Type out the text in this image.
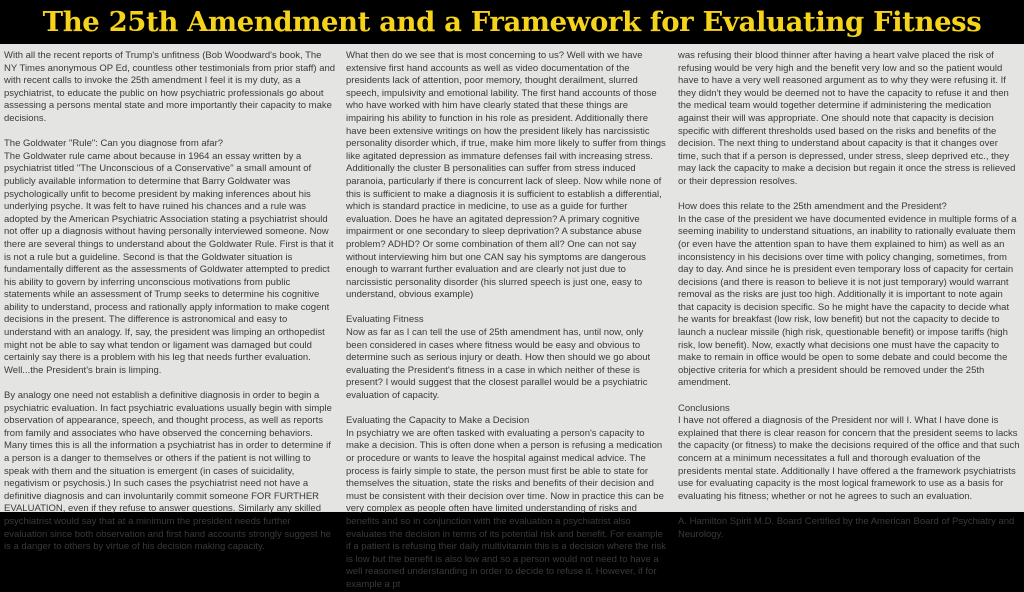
The 25th Amendment and a Framework for Evaluating Fitness

With all the recent reports of Trump's unfitness (Bob Woodward's book, The NY Times anonymous OP Ed, countless other testimonials from prior staff) and with recent calls to invoke the 25th amendment I feel it is my duty, as a psychiatrist, to educate the public on how psychiatric professionals go about assessing a persons mental state and more importantly their capacity to make decisions.

The Goldwater "Rule": Can you diagnose from afar?

The Goldwater rule came about because in 1964 an essay written by a psychiatrist titled "The Unconscious of a Conservative" a small amount of publicly available information to determine that Barry Goldwater was psychologically unfit to become president by making inferences about his underlying psyche. It was felt to have ruined his chances and a rule was adopted by the American Psychiatric Association stating a psychiatrist should not offer up a diagnosis without having personally interviewed someone. Now there are several things to understand about the Goldwater Rule. First is that it is not a rule but a guideline. Second is that the Goldwater situation is fundamentally different as the assessments of Goldwater attempted to predict his ability to govern by inferring unconscious motivations from public statements while an assessment of Trump seeks to determine his cognitive ability to understand, process and rationally apply information to make cogent decisions in the present. The difference is astronomical and easy to understand with an analogy. If, say, the president was limping an orthopedist might not be able to say what tendon or ligament was damaged but could certainly say there is a problem with his leg that needs further evaluation. Well...the President's brain is limping.

By analogy one need not establish a definitive diagnosis in order to begin a psychiatric evaluation. In fact psychiatric evaluations usually begin with simple observation of appearance, speech, and thought process, as well as reports from family and associates who have observed the concerning behaviors. Many times this is all the information a psychiatrist has in order to determine if a person is a danger to themselves or others if the patient is not willing to speak with them and the situation is emergent (in cases of suicidality, negativism or psychosis.) In such cases the psychiatrist need not have a definitive diagnosis and can involuntarily commit someone FOR FURTHER EVALUATION, even if they refuse to answer questions. Similarly any skilled psychiatrist would say that at a minimum the president needs further evaluation since both observation and first hand accounts strongly suggest he is a danger to others by virtue of his decision making capacity.

What then do we see that is most concerning to us? Well with we have extensive first hand accounts as well as video documentation of the presidents lack of attention, poor memory, thought derailment, slurred speech, impulsivity and emotional lability. The first hand accounts of those who have worked with him have clearly stated that these things are impairing his ability to function in his role as president. Additionally there have been extensive writings on how the president likely has narcissistic personality disorder which, if true, make him more likely to suffer from things like agitated depression as immature defenses fail with increasing stress. Additionally the cluster B personalities can suffer from stress induced paranoia, particularly if there is concurrent lack of sleep. Now while none of this is sufficient to make a diagnosis it is sufficient to establish a differential, which is standard practice in medicine, to use as a guide for further evaluation. Does he have an agitated depression? A primary cognitive impairment or one secondary to sleep deprivation? A substance abuse problem? ADHD? Or some combination of them all? One can not say without interviewing him but one CAN say his symptoms are dangerous enough to warrant further evaluation and are clearly not just due to narcissistic personality disorder (his slurred speech is just one, easy to understand, obvious example)

Evaluating Fitness

Now as far as I can tell the use of 25th amendment has, until now, only been considered in cases where fitness would be easy and obvious to determine such as serious injury or death. How then should we go about evaluating the President's fitness in a case in which neither of these is present? I would suggest that the closest parallel would be a psychiatric evaluation of capacity.

Evaluating the Capacity to Make a Decision

In psychiatry we are often tasked with evaluating a person's capacity to make a decision. This is often done when a person is refusing a medication or procedure or wants to leave the hospital against medical advice. The process is fairly simple to state, the person must first be able to state for themselves the situation, state the risks and benefits of their decision and must be consistent with their decision over time. Now in practice this can be very complex as people often have limited understanding of risks and benefits and so in conjunction with the evaluation a psychiatrist also evaluates the decision in terms of its potential risk and benefit. For example if a patient is refusing their daily multivitamin this is a decision where the risk is low but the benefit is also low and so a person would not need to have a well reasoned understanding in order to decide to refuse it. However, if for example a pt

was refusing their blood thinner after having a heart valve placed the risk of refusing would be very high and the benefit very low and so the patient would have to have a very well reasoned argument as to why they were refusing it. If they didn't they would be deemed not to have the capacity to refuse it and then the medical team would together determine if administering the medication against their will was appropriate. One should note that capacity is decision specific with different thresholds used based on the risks and benefits of the decision. The next thing to understand about capacity is that it changes over time, such that if a person is depressed, under stress, sleep deprived etc., they may lack the capacity to make a decision but regain it once the stress is relieved or their depression resolves.

How does this relate to the 25th amendment and the President?

In the case of the president we have documented evidence in multiple forms of a seeming inability to understand situations, an inability to rationally evaluate them (or even have the attention span to have them explained to him) as well as an inconsistency in his decisions over time with policy changing, sometimes, from day to day. And since he is president even temporary loss of capacity for certain decisions (and there is reason to believe it is not just temporary) would warrant removal as the risks are just too high. Additionally it is important to note again that capacity is decision specific. So he might have the capacity to decide what he wants for breakfast (low risk, low benefit) but not the capacity to decide to launch a nuclear missile (high risk, questionable benefit) or impose tariffs (high risk, low benefit). Now, exactly what decisions one must have the capacity to make to remain in office would be open to some debate and could become the objective criteria for which a president should be removed under the 25th amendment.

Conclusions

I have not offered a diagnosis of the President nor will I. What I have done is explained that there is clear reason for concern that the president seems to lacks the capacity (or fitness) to make the decisions required of the office and that such concern at a minimum necessitates a full and thorough evaluation of the presidents mental state. Additionally I have offered a the framework psychiatrists use for evaluating capacity is the most logical framework to use as a basis for evaluating his fitness; whether or not he agrees to such an evaluation.

A. Hamilton Spirit M.D. Board Certified by the American Board of Psychiatry and Neurology.
